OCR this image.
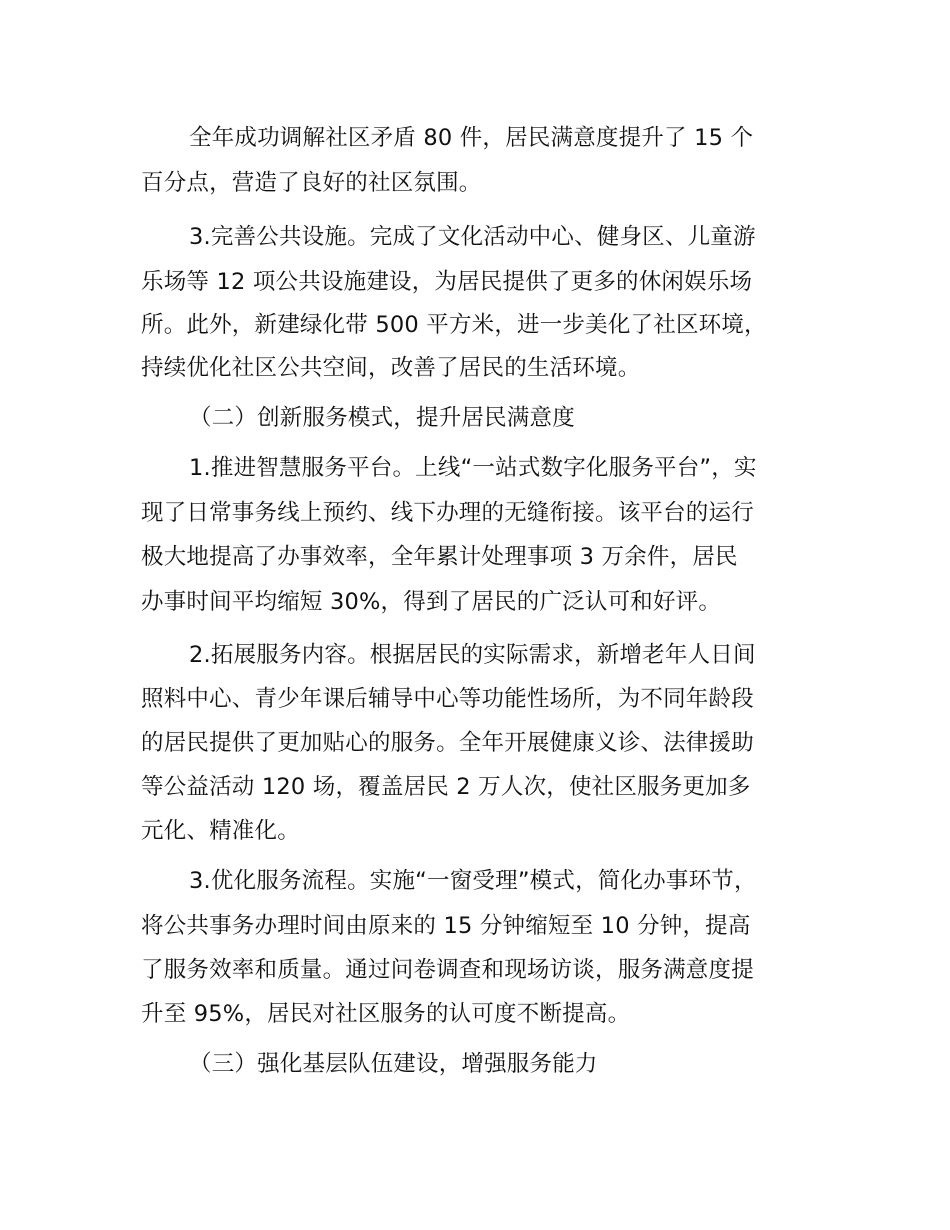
全年成功调解社区矛盾 80 件，居民满意度提升了 15 个

百分点，营造了良好的社区氛围。

3.完善公共设施。完成了文化活动中心、健身区、儿童游

乐场等 12 项公共设施建设，为居民提供了更多的休闲娱乐场

所。此外，新建绿化带 500 平方米，进一步美化了社区环境，

持续优化社区公共空间，改善了居民的生活环境。

（二）创新服务模式，提升居民满意度

1.推进智慧服务平台。上线“一站式数字化服务平台”，实

现了日常事务线上预约、线下办理的无缝衔接。该平台的运行

极大地提高了办事效率，全年累计处理事项 3 万余件，居民

办事时间平均缩短 30%，得到了居民的广泛认可和好评。

2.拓展服务内容。根据居民的实际需求，新增老年人日间

照料中心、青少年课后辅导中心等功能性场所，为不同年龄段

的居民提供了更加贴心的服务。全年开展健康义诊、法律援助

等公益活动 120 场，覆盖居民 2 万人次，使社区服务更加多

元化、精准化。

3.优化服务流程。实施“一窗受理”模式，简化办事环节，

将公共事务办理时间由原来的 15 分钟缩短至 10 分钟，提高

了服务效率和质量。通过问卷调查和现场访谈，服务满意度提

升至 95%，居民对社区服务的认可度不断提高。

（三）强化基层队伍建设，增强服务能力
